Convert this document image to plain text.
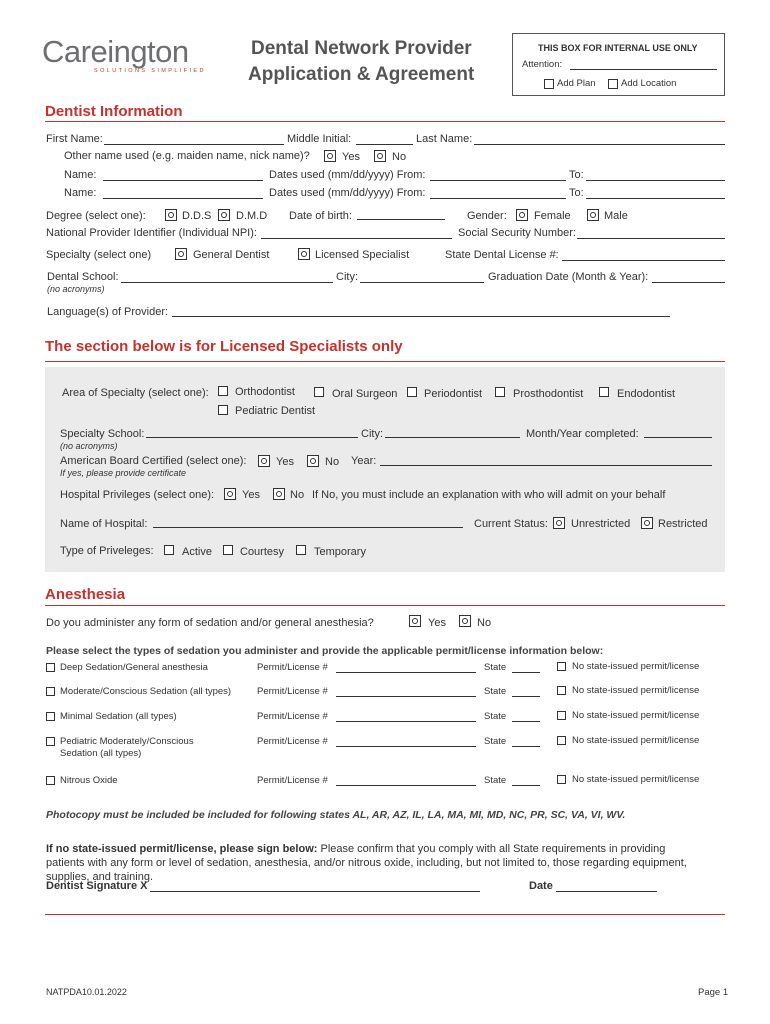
Careington
SOLUTIONS SIMPLIFIED
Dental Network Provider
Application & Agreement
THIS BOX FOR INTERNAL USE ONLY
Attention:
Add Plan	Add Location
Dentist Information
First Name:	Middle Initial:	Last Name:
Other name used (e.g. maiden name, nick name)?	Yes	No
Name:	Dates used (mm/dd/yyyy) From:	To:
Name:	Dates used (mm/dd/yyyy) From:	To:
Degree (select one):	D.D.S D.M.D Date of birth:	Gender: Female	Male
National Provider Identifier (Individual NPI):	Social Security Number:
Specialty (select one)	General Dentist	Licensed Specialist	State Dental License #:
Dental School:	City:	Graduation Date (Month & Year):
(no acronyms)
Language(s) of Provider:
The section below is for Licensed Specialists only
Area of Specialty (select one): Orthodontist	Oral Surgeon Periodontist	Prosthodontist	Endodontist
Pediatric Dentist
Specialty School:	City:	Month/Year completed:
(no acronyms)
American Board Certified (select one):	Yes	No Year:
If yes, please provide certificate
Hospital Privileges (select one):	Yes	No If No, you must include an explanation with who will admit on your behalf
Name of Hospital:	Current Status: Unrestricted	Restricted
Type of Priveleges:	Active	Courtesy	Temporary
Anesthesia
Do you administer any form of sedation and/or general anesthesia?	Yes	No
Please select the types of sedation you administer and provide the applicable permit/license information below:
Deep Sedation/General anesthesia	Permit/License #	State	No state-issued permit/license
Moderate/Conscious Sedation (all types)	Permit/License #	State	No state-issued permit/license
Minimal Sedation (all types)	Permit/License #	State	No state-issued permit/license
Pediatric Moderately/Conscious
Sedation (all types)
Permit/License #	State	No state-issued permit/license
Nitrous Oxide	Permit/License #	State	No state-issued permit/license
Photocopy must be included be included for following states AL, AR, AZ, IL, LA, MA, MI, MD, NC, PR, SC, VA, VI, WV.
If no state-issued permit/license, please sign below: Please confirm that you comply with all State requirements in providing
patients with any form or level of sedation, anesthesia, and/or nitrous oxide, including, but not limited to, those regarding equipment,
supplies, and training.
Dentist Signature X	Date
NATPDA10.01.2022	Page 1
